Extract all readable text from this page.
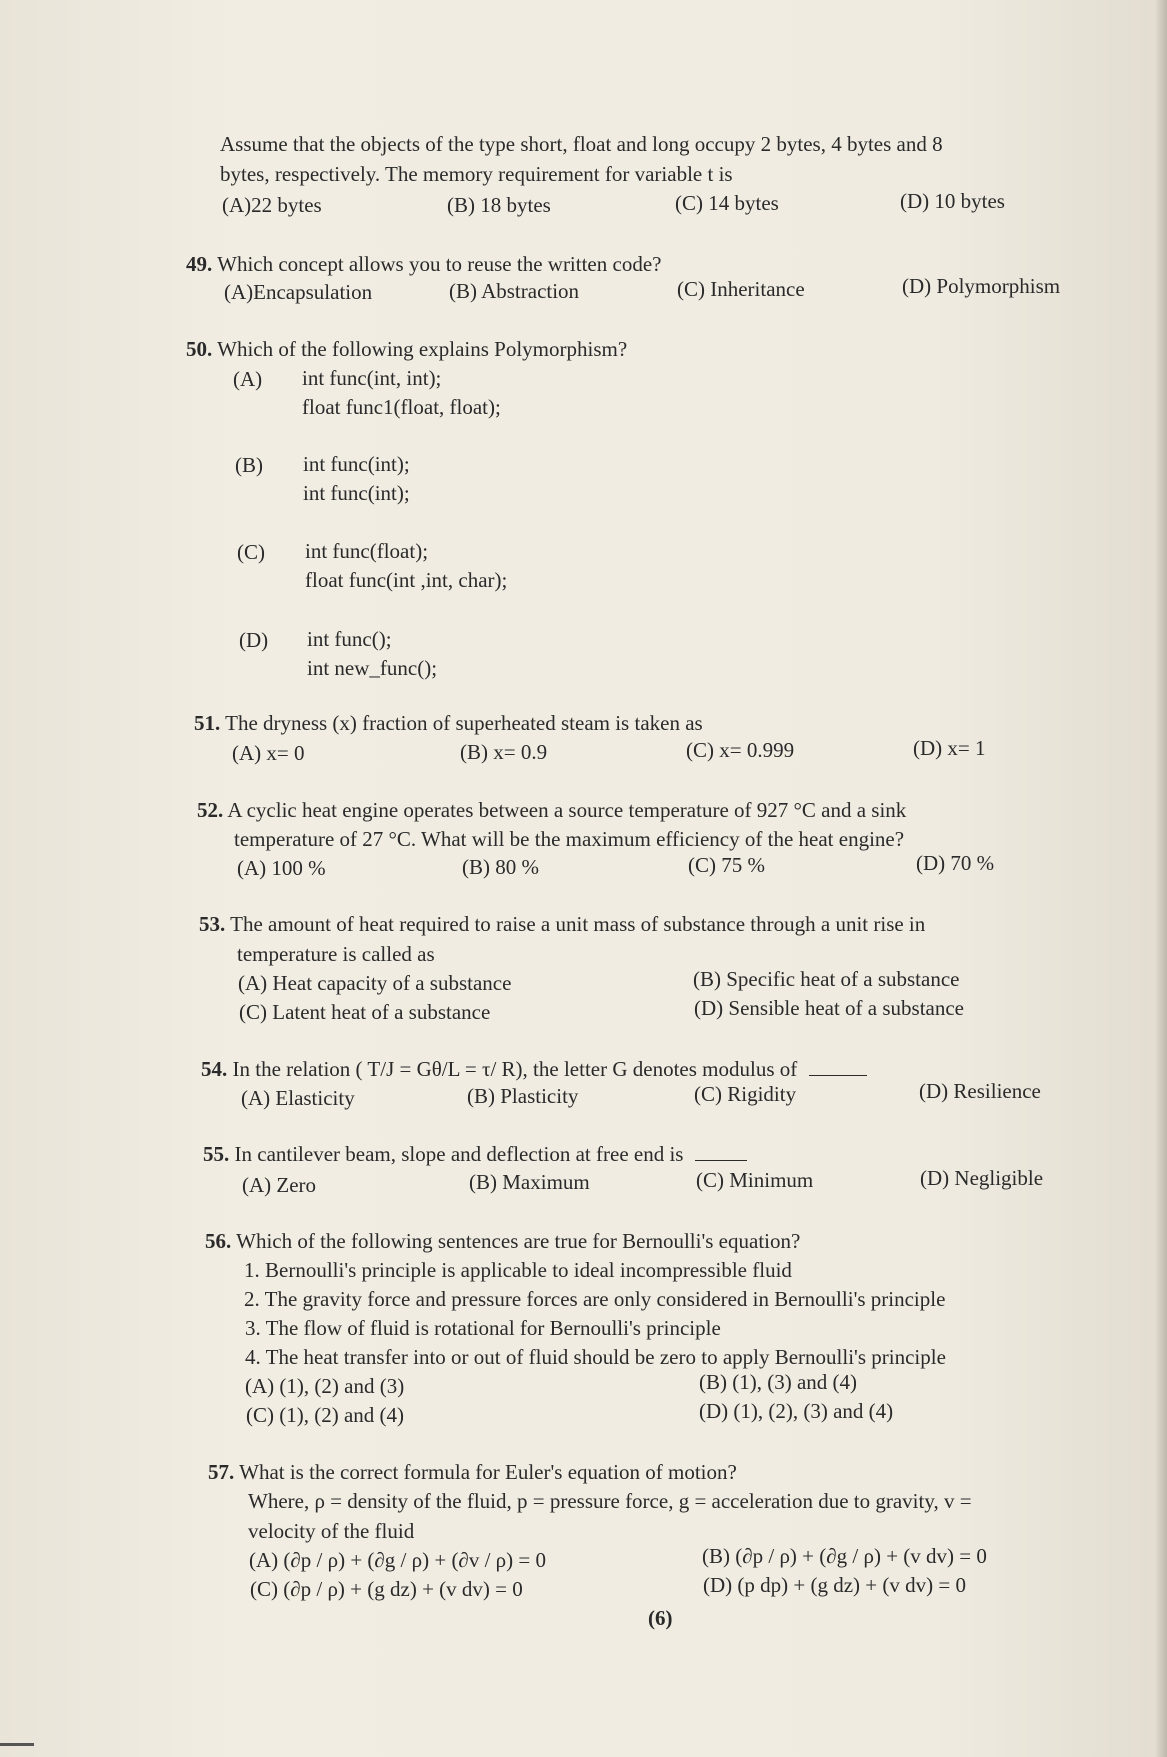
Assume that the objects of the type short, float and long occupy 2 bytes, 4 bytes and 8
bytes, respectively. The memory requirement for variable t is
(A)22 bytes	(B) 18 bytes	(C) 14 bytes	(D) 10 bytes
49. Which concept allows you to reuse the written code?
(A)Encapsulation	(B) Abstraction	(C) Inheritance	(D) Polymorphism
50. Which of the following explains Polymorphism?
(A) int func(int, int);
float func1(float, float);
(B) int func(int);
int func(int);
(C) int func(float);
float func(int ,int, char);
(D) int func();
int new_func();
51. The dryness (x) fraction of superheated steam is taken as
(A) x= 0	(B) x= 0.9	(C) x= 0.999	(D) x= 1
52. A cyclic heat engine operates between a source temperature of 927 °C and a sink
temperature of 27 °C. What will be the maximum efficiency of the heat engine?
(A) 100 %	(B) 80 %	(C) 75 %	(D) 70 %
53. The amount of heat required to raise a unit mass of substance through a unit rise in
temperature is called as
(A) Heat capacity of a substance	(B) Specific heat of a substance
(C) Latent heat of a substance	(D) Sensible heat of a substance
54. In the relation ( T/J = Gθ/L = τ/ R), the letter G denotes modulus of
(A) Elasticity	(B) Plasticity	(C) Rigidity	(D) Resilience
55. In cantilever beam, slope and deflection at free end is
(A) Zero	(B) Maximum	(C) Minimum	(D) Negligible
56. Which of the following sentences are true for Bernoulli's equation?
1. Bernoulli's principle is applicable to ideal incompressible fluid
2. The gravity force and pressure forces are only considered in Bernoulli's principle
3. The flow of fluid is rotational for Bernoulli's principle
4. The heat transfer into or out of fluid should be zero to apply Bernoulli's principle
(A) (1), (2) and (3)	(B) (1), (3) and (4)
(C) (1), (2) and (4)	(D) (1), (2), (3) and (4)
57. What is the correct formula for Euler's equation of motion?
Where, ρ = density of the fluid, p = pressure force, g = acceleration due to gravity, v =
velocity of the fluid
(A) (∂p / ρ) + (∂g / ρ) + (∂v / ρ) = 0	(B) (∂p / ρ) + (∂g / ρ) + (v dv) = 0
(C) (∂p / ρ) + (g dz) + (v dv) = 0	(D) (p dp) + (g dz) + (v dv) = 0
(6)
